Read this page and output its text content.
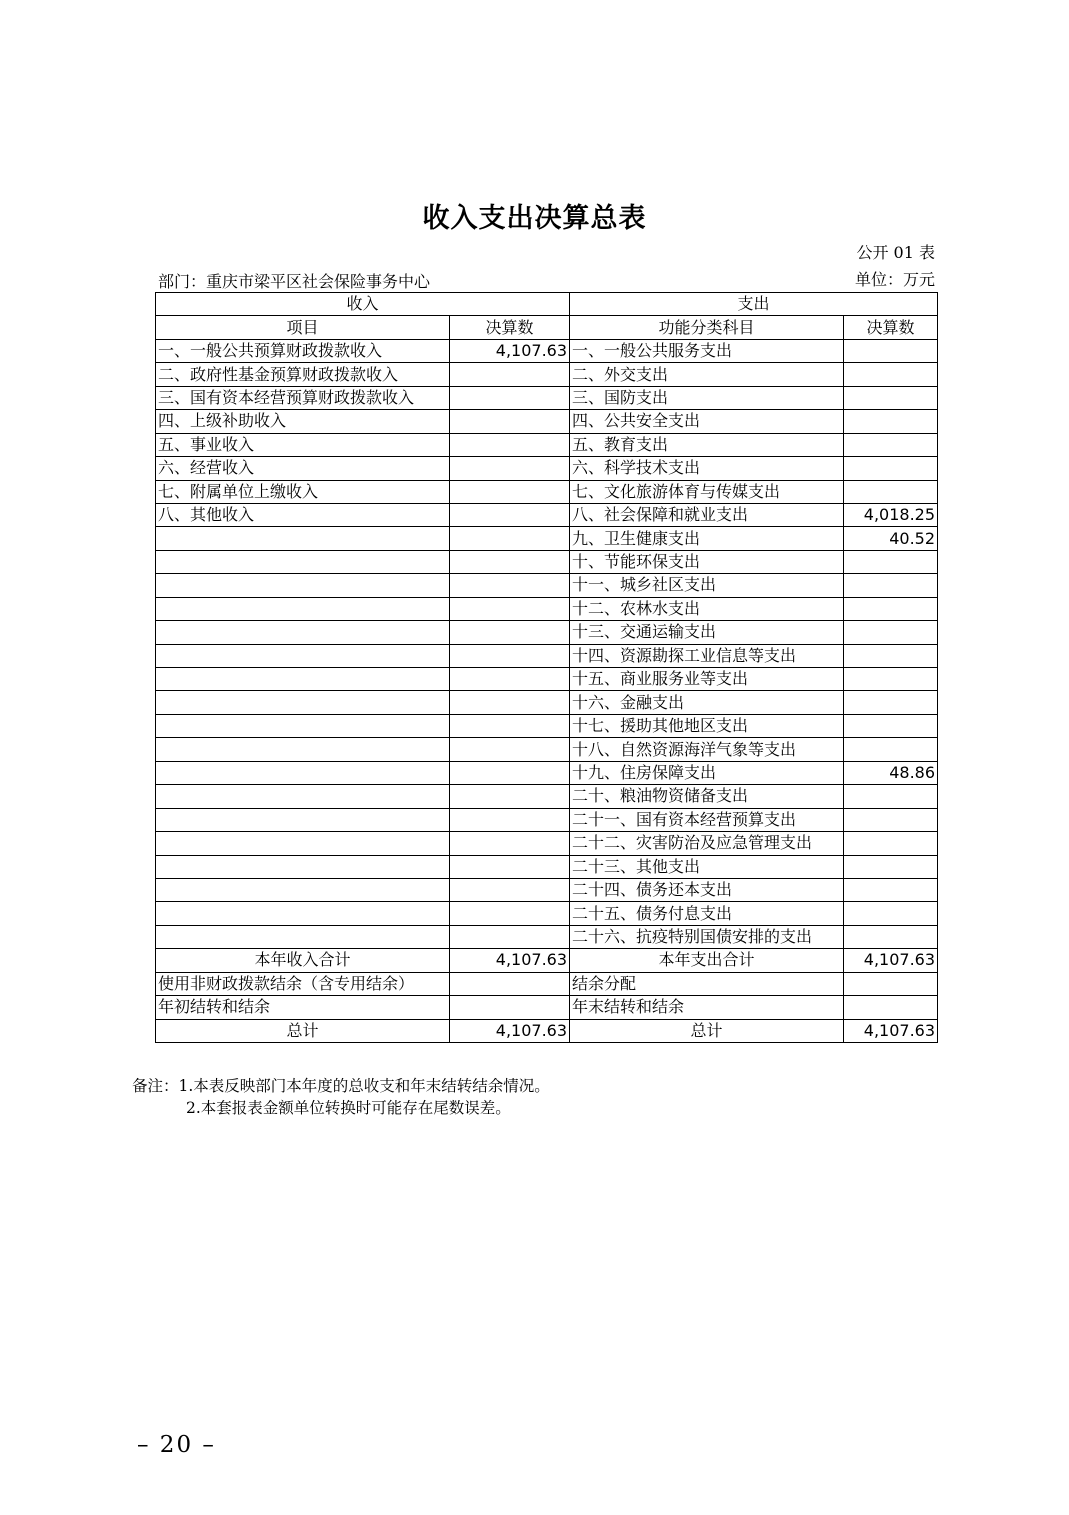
收入支出决算总表
公开 01 表
部门：重庆市梁平区社会保险事务中心	单位：万元
收入		支出	
项目	决算数	功能分类科目	决算数
一、一般公共预算财政拨款收入	4,107.63	一、一般公共服务支出	
二、政府性基金预算财政拨款收入		二、外交支出	
三、国有资本经营预算财政拨款收入		三、国防支出	
四、上级补助收入		四、公共安全支出	
五、事业收入		五、教育支出	
六、经营收入		六、科学技术支出	
七、附属单位上缴收入		七、文化旅游体育与传媒支出	
八、其他收入		八、社会保障和就业支出	4,018.25
		九、卫生健康支出	40.52
		十、节能环保支出	
		十一、城乡社区支出	
		十二、农林水支出	
		十三、交通运输支出	
		十四、资源勘探工业信息等支出	
		十五、商业服务业等支出	
		十六、金融支出	
		十七、援助其他地区支出	
		十八、自然资源海洋气象等支出	
		十九、住房保障支出	48.86
		二十、粮油物资储备支出	
		二十一、国有资本经营预算支出	
		二十二、灾害防治及应急管理支出	
		二十三、其他支出	
		二十四、债务还本支出	
		二十五、债务付息支出	
		二十六、抗疫特别国债安排的支出	
本年收入合计	4,107.63	本年支出合计	4,107.63
使用非财政拨款结余（含专用结余）		结余分配	
年初结转和结余		年末结转和结余	
总计	4,107.63	总计	4,107.63
备注：1.本表反映部门本年度的总收支和年末结转结余情况。
2.本套报表金额单位转换时可能存在尾数误差。
– 20 –
